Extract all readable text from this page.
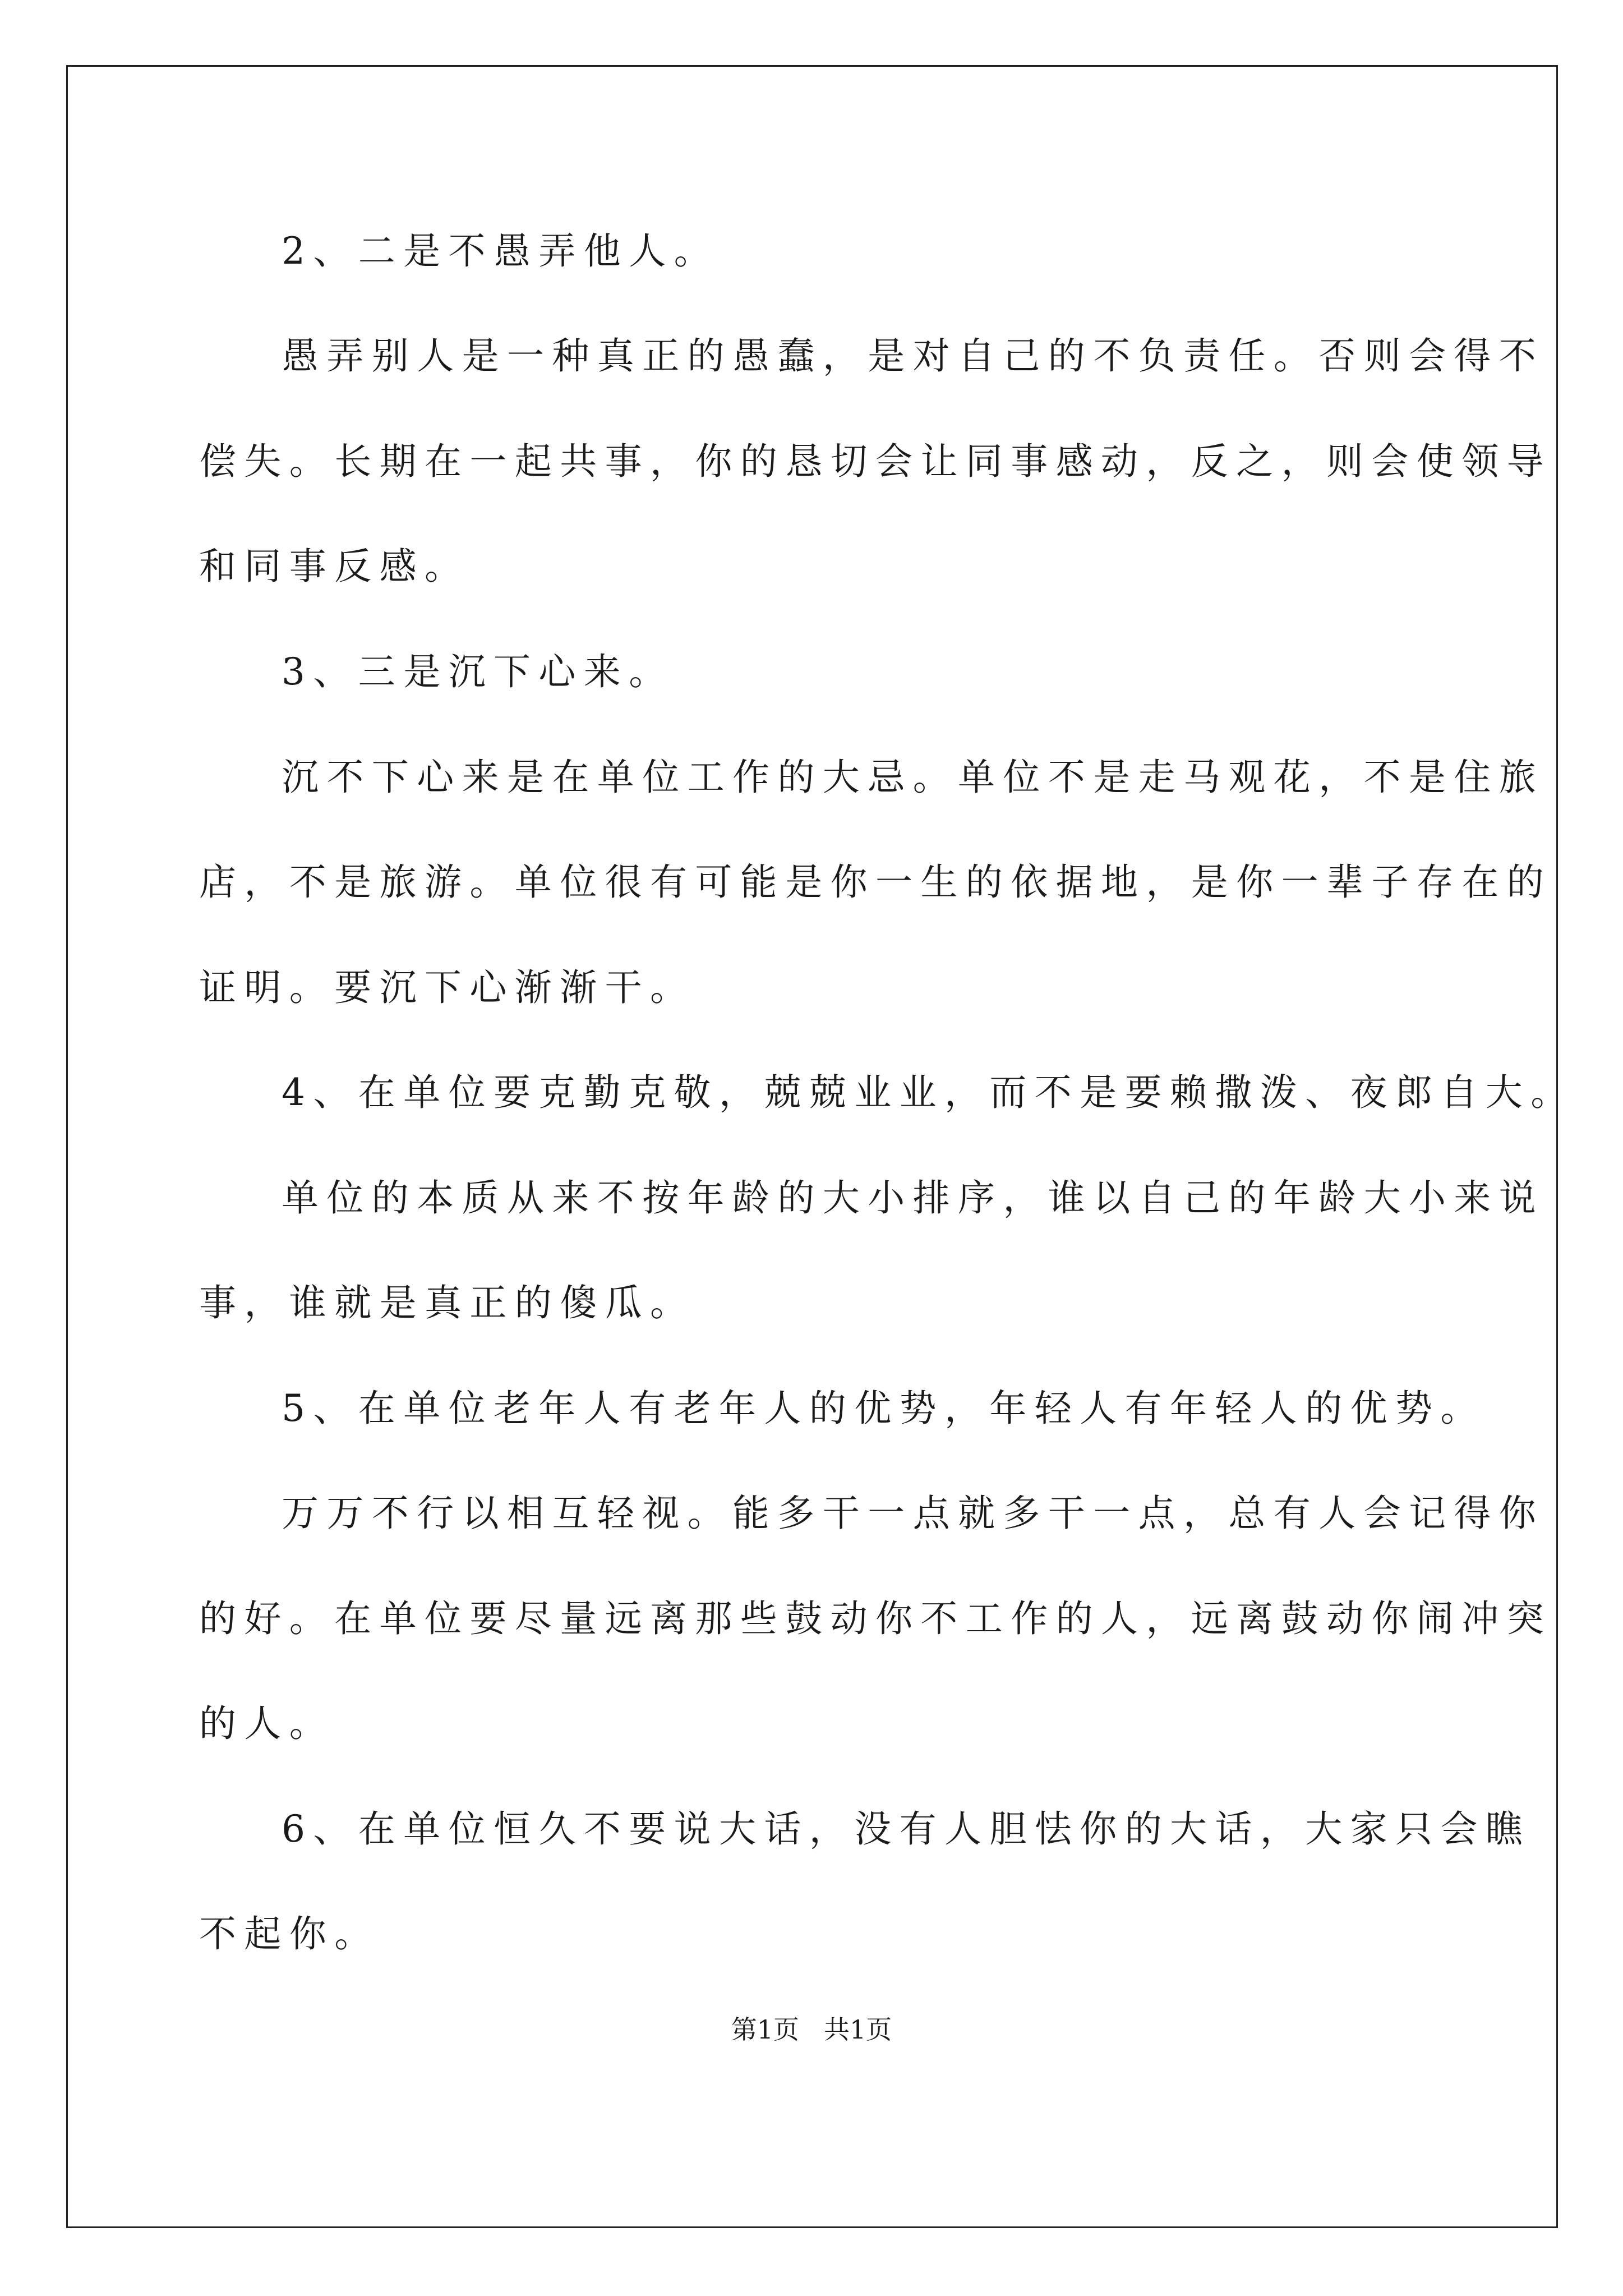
2、二是不愚弄他人。
愚弄别人是一种真正的愚蠢，是对自己的不负责任。否则会得不
偿失。长期在一起共事，你的恳切会让同事感动，反之，则会使领导
和同事反感。
3、三是沉下心来。
沉不下心来是在单位工作的大忌。单位不是走马观花，不是住旅
店，不是旅游。单位很有可能是你一生的依据地，是你一辈子存在的
证明。要沉下心渐渐干。
4、在单位要克勤克敬，兢兢业业，而不是要赖撒泼、夜郎自大。
单位的本质从来不按年龄的大小排序，谁以自己的年龄大小来说
事，谁就是真正的傻瓜。
5、在单位老年人有老年人的优势，年轻人有年轻人的优势。
万万不行以相互轻视。能多干一点就多干一点，总有人会记得你
的好。在单位要尽量远离那些鼓动你不工作的人，远离鼓动你闹冲突
的人。
6、在单位恒久不要说大话，没有人胆怯你的大话，大家只会瞧
不起你。
第1页 共1页
